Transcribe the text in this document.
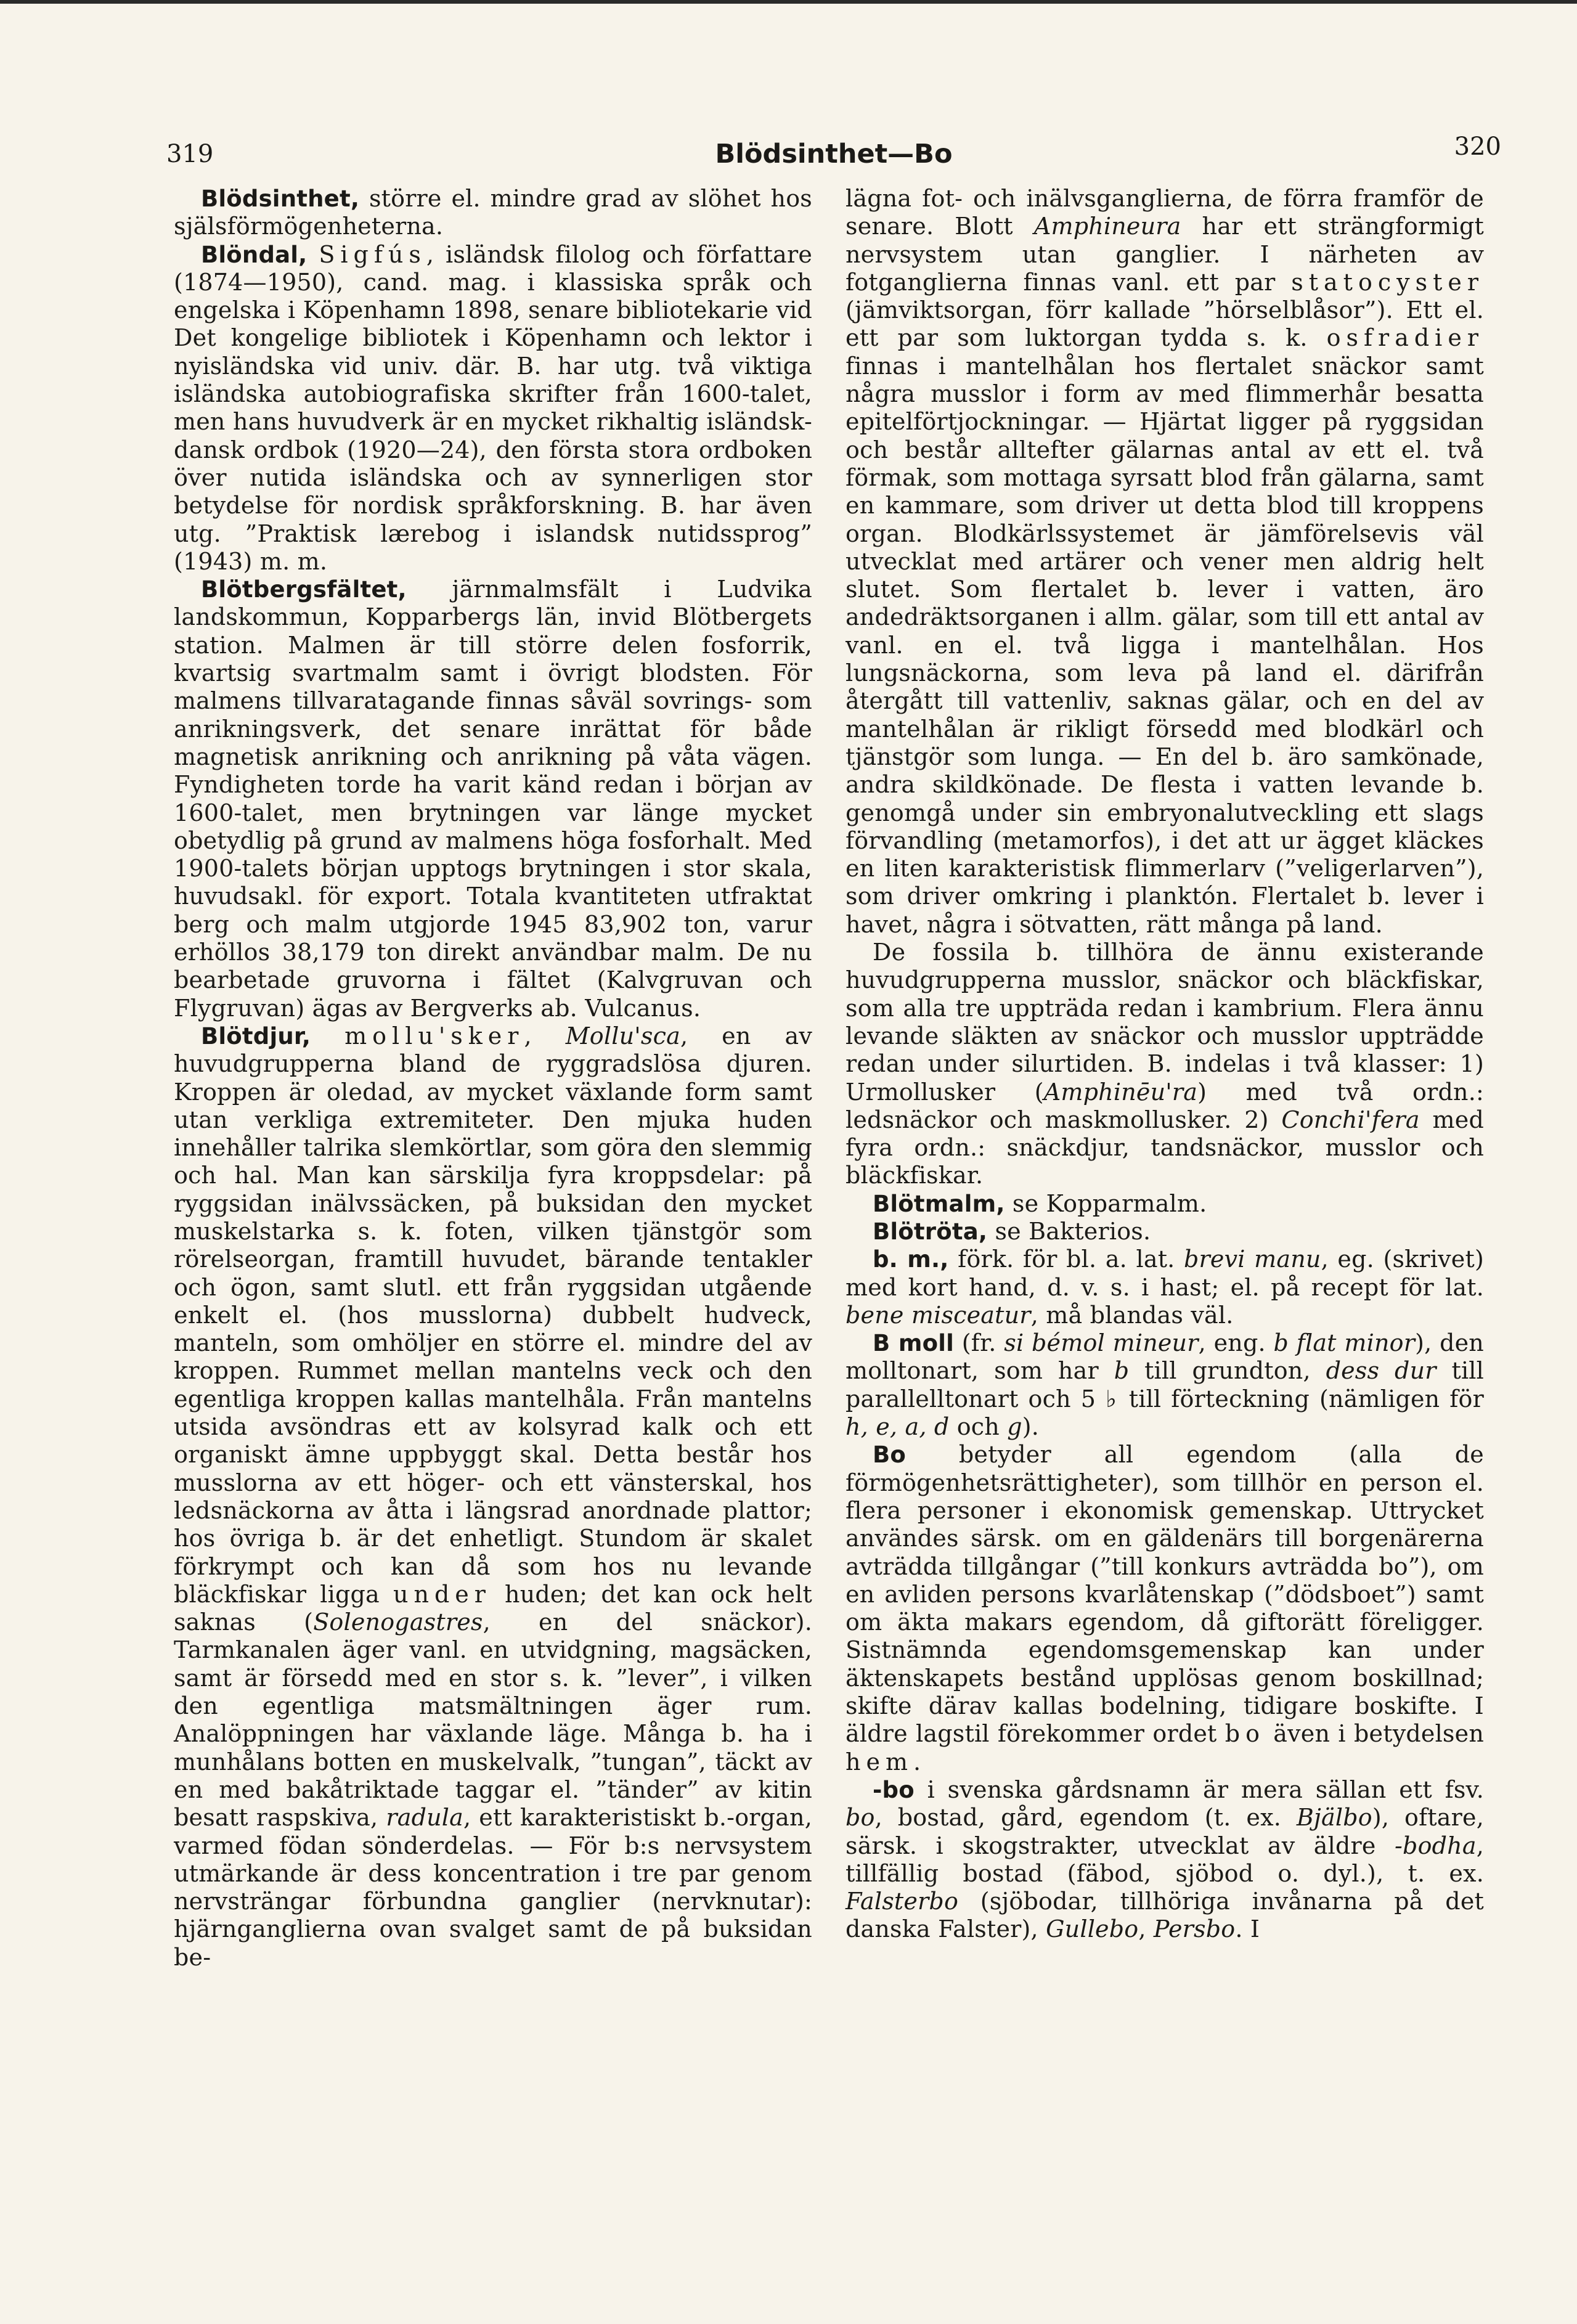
319	Blödsinthet—Bo	320

Blödsinthet, större el. mindre grad av slöhet hos själsförmögenheterna.

Blöndal, Sigfús, isländsk filolog och författare (1874—1950), cand. mag. i klassiska språk och engelska i Köpenhamn 1898, senare bibliotekarie vid Det kongelige bibliotek i Köpenhamn och lektor i nyisländska vid univ. där. B. har utg. två viktiga isländska autobiografiska skrifter från 1600-talet, men hans huvudverk är en mycket rikhaltig isländsk-dansk ordbok (1920—24), den första stora ordboken över nutida isländska och av synnerligen stor betydelse för nordisk språkforskning. B. har även utg. ”Praktisk lærebog i islandsk nutidssprog” (1943) m. m.

Blötbergsfältet, järnmalmsfält i Ludvika landskommun, Kopparbergs län, invid Blötbergets station. Malmen är till större delen fosforrik, kvartsig svartmalm samt i övrigt blodsten. För malmens tillvaratagande finnas såväl sovrings- som anrikningsverk, det senare inrättat för både magnetisk anrikning och anrikning på våta vägen. Fyndigheten torde ha varit känd redan i början av 1600-talet, men brytningen var länge mycket obetydlig på grund av malmens höga fosforhalt. Med 1900-talets början upptogs brytningen i stor skala, huvudsakl. för export. Totala kvantiteten utfraktat berg och malm utgjorde 1945 83,902 ton, varur erhöllos 38,179 ton direkt användbar malm. De nu bearbetade gruvorna i fältet (Kalvgruvan och Flygruvan) ägas av Bergverks ab. Vulcanus.

Blötdjur, mollu'sker, Mollu'sca, en av huvudgrupperna bland de ryggradslösa djuren. Kroppen är oledad, av mycket växlande form samt utan verkliga extremiteter. Den mjuka huden innehåller talrika slemkörtlar, som göra den slemmig och hal. Man kan särskilja fyra kroppsdelar: på ryggsidan inälvssäcken, på buksidan den mycket muskelstarka s. k. foten, vilken tjänstgör som rörelseorgan, framtill huvudet, bärande tentakler och ögon, samt slutl. ett från ryggsidan utgående enkelt el. (hos musslorna) dubbelt hudveck, manteln, som omhöljer en större el. mindre del av kroppen. Rummet mellan mantelns veck och den egentliga kroppen kallas mantelhåla. Från mantelns utsida avsöndras ett av kolsyrad kalk och ett organiskt ämne uppbyggt skal. Detta består hos musslorna av ett höger- och ett vänsterskal, hos ledsnäckorna av åtta i längsrad anordnade plattor; hos övriga b. är det enhetligt. Stundom är skalet förkrympt och kan då som hos nu levande bläckfiskar ligga under huden; det kan ock helt saknas (Solenogastres, en del snäckor). Tarmkanalen äger vanl. en utvidgning, magsäcken, samt är försedd med en stor s. k. ”lever”, i vilken den egentliga matsmältningen äger rum. Analöppningen har växlande läge. Många b. ha i munhålans botten en muskelvalk, ”tungan”, täckt av en med bakåtriktade taggar el. ”tänder” av kitin besatt raspskiva, radula, ett karakteristiskt b.-organ, varmed födan sönderdelas. — För b:s nervsystem utmärkande är dess koncentration i tre par genom nervsträngar förbundna ganglier (nervknutar): hjärnganglierna ovan svalget samt de på buksidan be-

lägna fot- och inälvsganglierna, de förra framför de senare. Blott Amphineura har ett strängformigt nervsystem utan ganglier. I närheten av fotganglierna finnas vanl. ett par statocyster (jämviktsorgan, förr kallade ”hörselblåsor”). Ett el. ett par som luktorgan tydda s. k. osfradier finnas i mantelhålan hos flertalet snäckor samt några musslor i form av med flimmerhår besatta epitelförtjockningar. — Hjärtat ligger på ryggsidan och består alltefter gälarnas antal av ett el. två förmak, som mottaga syrsatt blod från gälarna, samt en kammare, som driver ut detta blod till kroppens organ. Blodkärlssystemet är jämförelsevis väl utvecklat med artärer och vener men aldrig helt slutet. Som flertalet b. lever i vatten, äro andedräktsorganen i allm. gälar, som till ett antal av vanl. en el. två ligga i mantelhålan. Hos lungsnäckorna, som leva på land el. därifrån återgått till vattenliv, saknas gälar, och en del av mantelhålan är rikligt försedd med blodkärl och tjänstgör som lunga. — En del b. äro samkönade, andra skildkönade. De flesta i vatten levande b. genomgå under sin embryonalutveckling ett slags förvandling (metamorfos), i det att ur ägget kläckes en liten karakteristisk flimmerlarv (”veligerlarven”), som driver omkring i planktón. Flertalet b. lever i havet, några i sötvatten, rätt många på land.

De fossila b. tillhöra de ännu existerande huvudgrupperna musslor, snäckor och bläckfiskar, som alla tre uppträda redan i kambrium. Flera ännu levande släkten av snäckor och musslor uppträdde redan under silurtiden. B. indelas i två klasser: 1) Urmollusker (Amphinēu'ra) med två ordn.: ledsnäckor och maskmollusker. 2) Conchi'fera med fyra ordn.: snäckdjur, tandsnäckor, musslor och bläckfiskar.

Blötmalm, se Kopparmalm.

Blötröta, se Bakterios.

b. m., förk. för bl. a. lat. brevi manu, eg. (skrivet) med kort hand, d. v. s. i hast; el. på recept för lat. bene misceatur, må blandas väl.

B moll (fr. si bémol mineur, eng. b flat minor), den molltonart, som har b till grundton, dess dur till parallelltonart och 5 ♭ till förteckning (nämligen för h, e, a, d och g).

Bo betyder all egendom (alla de förmögenhetsrättigheter), som tillhör en person el. flera personer i ekonomisk gemenskap. Uttrycket användes särsk. om en gäldenärs till borgenärerna avträdda tillgångar (”till konkurs avträdda bo”), om en avliden persons kvarlåtenskap (”dödsboet”) samt om äkta makars egendom, då giftorätt föreligger. Sistnämnda egendomsgemenskap kan under äktenskapets bestånd upplösas genom boskillnad; skifte därav kallas bodelning, tidigare boskifte. I äldre lagstil förekommer ordet bo även i betydelsen hem.

-bo i svenska gårdsnamn är mera sällan ett fsv. bo, bostad, gård, egendom (t. ex. Bjälbo), oftare, särsk. i skogstrakter, utvecklat av äldre -bodha, tillfällig bostad (fäbod, sjöbod o. dyl.), t. ex. Falsterbo (sjöbodar, tillhöriga invånarna på det danska Falster), Gullebo, Persbo. I
